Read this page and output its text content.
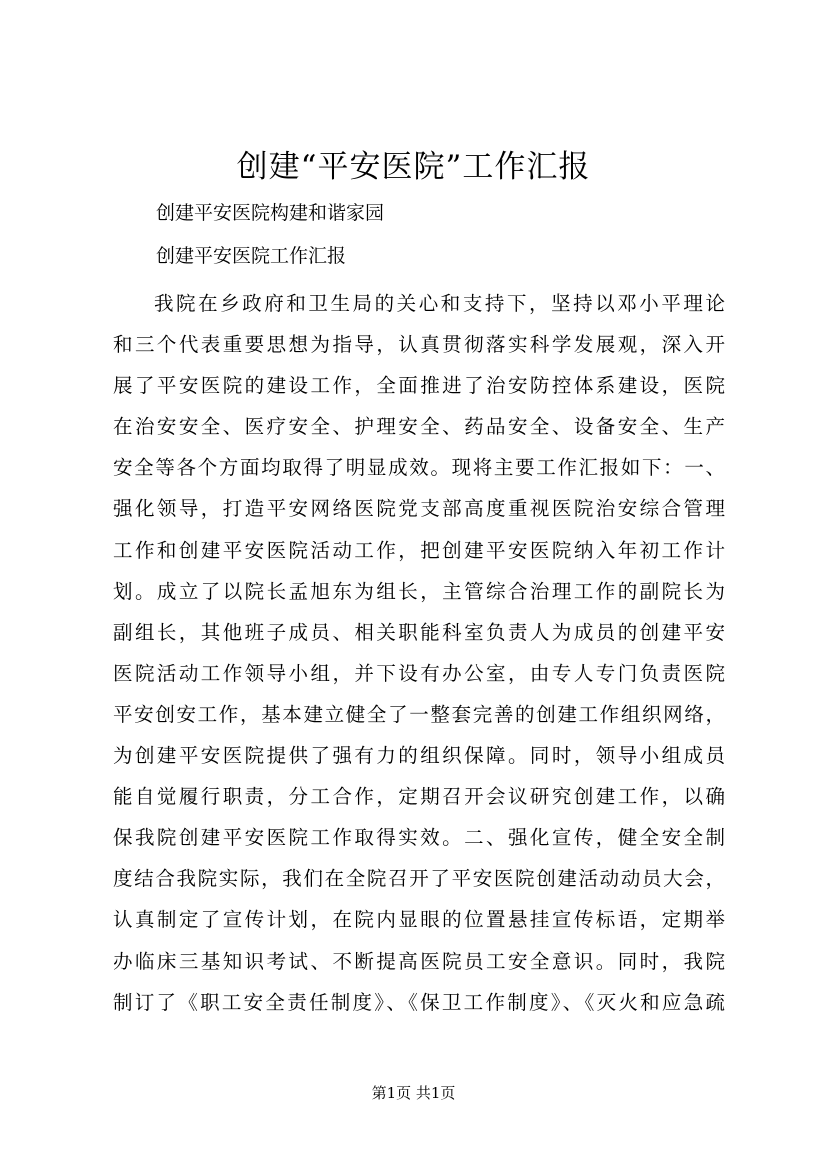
创建“平安医院”工作汇报

创建平安医院构建和谐家园

创建平安医院工作汇报

我院在乡政府和卫生局的关心和支持下，坚持以邓小平理论
和三个代表重要思想为指导，认真贯彻落实科学发展观，深入开
展了平安医院的建设工作，全面推进了治安防控体系建设，医院
在治安安全、医疗安全、护理安全、药品安全、设备安全、生产
安全等各个方面均取得了明显成效。现将主要工作汇报如下：一、
强化领导，打造平安网络医院党支部高度重视医院治安综合管理
工作和创建平安医院活动工作，把创建平安医院纳入年初工作计
划。成立了以院长孟旭东为组长，主管综合治理工作的副院长为
副组长，其他班子成员、相关职能科室负责人为成员的创建平安
医院活动工作领导小组，并下设有办公室，由专人专门负责医院
平安创安工作，基本建立健全了一整套完善的创建工作组织网络，
为创建平安医院提供了强有力的组织保障。同时，领导小组成员
能自觉履行职责，分工合作，定期召开会议研究创建工作，以确
保我院创建平安医院工作取得实效。二、强化宣传，健全安全制
度结合我院实际，我们在全院召开了平安医院创建活动动员大会，
认真制定了宣传计划，在院内显眼的位置悬挂宣传标语，定期举
办临床三基知识考试、不断提高医院员工安全意识。同时，我院
制订了《职工安全责任制度》、《保卫工作制度》、《灭火和应急疏
第1页 共1页
